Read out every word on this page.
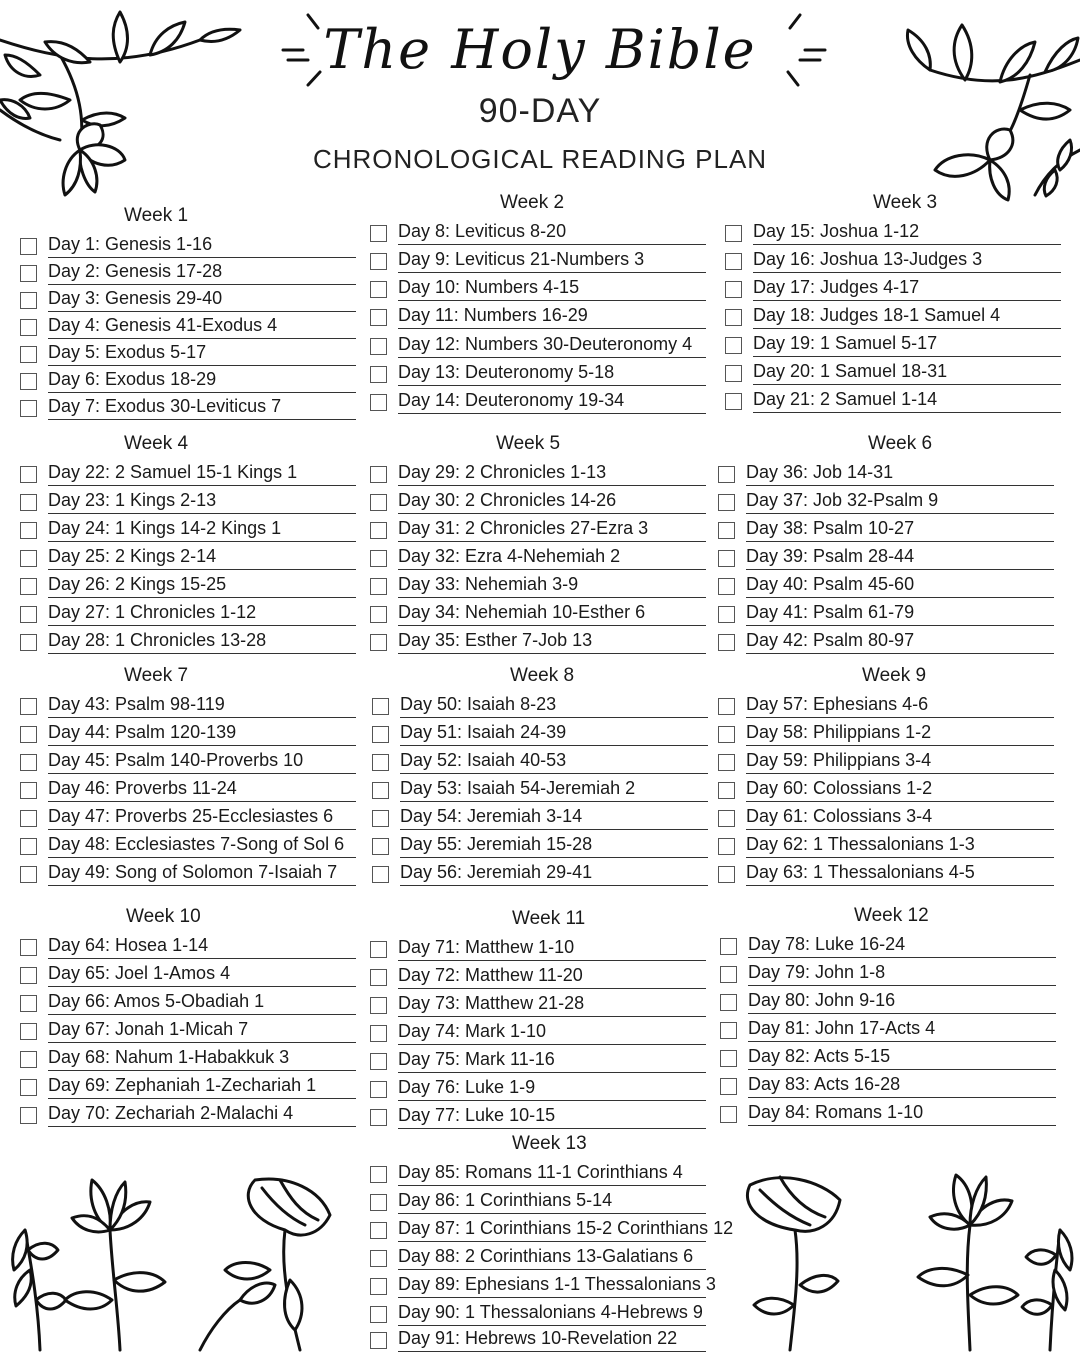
The Holy Bible
90-DAY
CHRONOLOGICAL READING PLAN
Week 1
Day 1: Genesis 1-16
Day 2: Genesis 17-28
Day 3: Genesis 29-40
Day 4: Genesis 41-Exodus 4
Day 5: Exodus 5-17
Day 6: Exodus 18-29
Day 7: Exodus 30-Leviticus 7
Week 2
Day 8: Leviticus 8-20
Day 9: Leviticus 21-Numbers 3
Day 10: Numbers 4-15
Day 11: Numbers 16-29
Day 12: Numbers 30-Deuteronomy 4
Day 13: Deuteronomy 5-18
Day 14: Deuteronomy 19-34
Week 3
Day 15: Joshua 1-12
Day 16: Joshua 13-Judges 3
Day 17: Judges 4-17
Day 18: Judges 18-1 Samuel 4
Day 19: 1 Samuel 5-17
Day 20: 1 Samuel 18-31
Day 21: 2 Samuel 1-14
Week 4
Day 22: 2 Samuel 15-1 Kings 1
Day 23: 1 Kings 2-13
Day 24: 1 Kings 14-2 Kings 1
Day 25: 2 Kings 2-14
Day 26: 2 Kings 15-25
Day 27: 1 Chronicles 1-12
Day 28: 1 Chronicles 13-28
Week 5
Day 29: 2 Chronicles 1-13
Day 30: 2 Chronicles 14-26
Day 31: 2 Chronicles 27-Ezra 3
Day 32: Ezra 4-Nehemiah 2
Day 33: Nehemiah 3-9
Day 34: Nehemiah 10-Esther 6
Day 35: Esther 7-Job 13
Week 6
Day 36: Job 14-31
Day 37: Job 32-Psalm 9
Day 38: Psalm 10-27
Day 39: Psalm 28-44
Day 40: Psalm 45-60
Day 41: Psalm 61-79
Day 42: Psalm 80-97
Week 7
Day 43: Psalm 98-119
Day 44: Psalm 120-139
Day 45: Psalm 140-Proverbs 10
Day 46: Proverbs 11-24
Day 47: Proverbs 25-Ecclesiastes 6
Day 48: Ecclesiastes 7-Song of Sol 6
Day 49: Song of Solomon 7-Isaiah 7
Week 8
Day 50: Isaiah 8-23
Day 51: Isaiah 24-39
Day 52: Isaiah 40-53
Day 53: Isaiah 54-Jeremiah 2
Day 54: Jeremiah 3-14
Day 55: Jeremiah 15-28
Day 56: Jeremiah 29-41
Week 9
Day 57: Ephesians 4-6
Day 58: Philippians 1-2
Day 59: Philippians 3-4
Day 60: Colossians 1-2
Day 61: Colossians 3-4
Day 62: 1 Thessalonians 1-3
Day 63: 1 Thessalonians 4-5
Week 10
Day 64: Hosea 1-14
Day 65: Joel 1-Amos 4
Day 66: Amos 5-Obadiah 1
Day 67: Jonah 1-Micah 7
Day 68: Nahum 1-Habakkuk 3
Day 69: Zephaniah 1-Zechariah 1
Day 70: Zechariah 2-Malachi 4
Week 11
Day 71: Matthew 1-10
Day 72: Matthew 11-20
Day 73: Matthew 21-28
Day 74: Mark 1-10
Day 75: Mark 11-16
Day 76: Luke 1-9
Day 77: Luke 10-15
Week 12
Day 78: Luke 16-24
Day 79: John 1-8
Day 80: John 9-16
Day 81: John 17-Acts 4
Day 82: Acts 5-15
Day 83: Acts 16-28
Day 84: Romans 1-10
Week 13
Day 85: Romans 11-1 Corinthians 4
Day 86: 1 Corinthians 5-14
Day 87: 1 Corinthians 15-2 Corinthians 12
Day 88: 2 Corinthians 13-Galatians 6
Day 89: Ephesians 1-1 Thessalonians 3
Day 90: 1 Thessalonians 4-Hebrews 9
Day 91: Hebrews 10-Revelation 22
